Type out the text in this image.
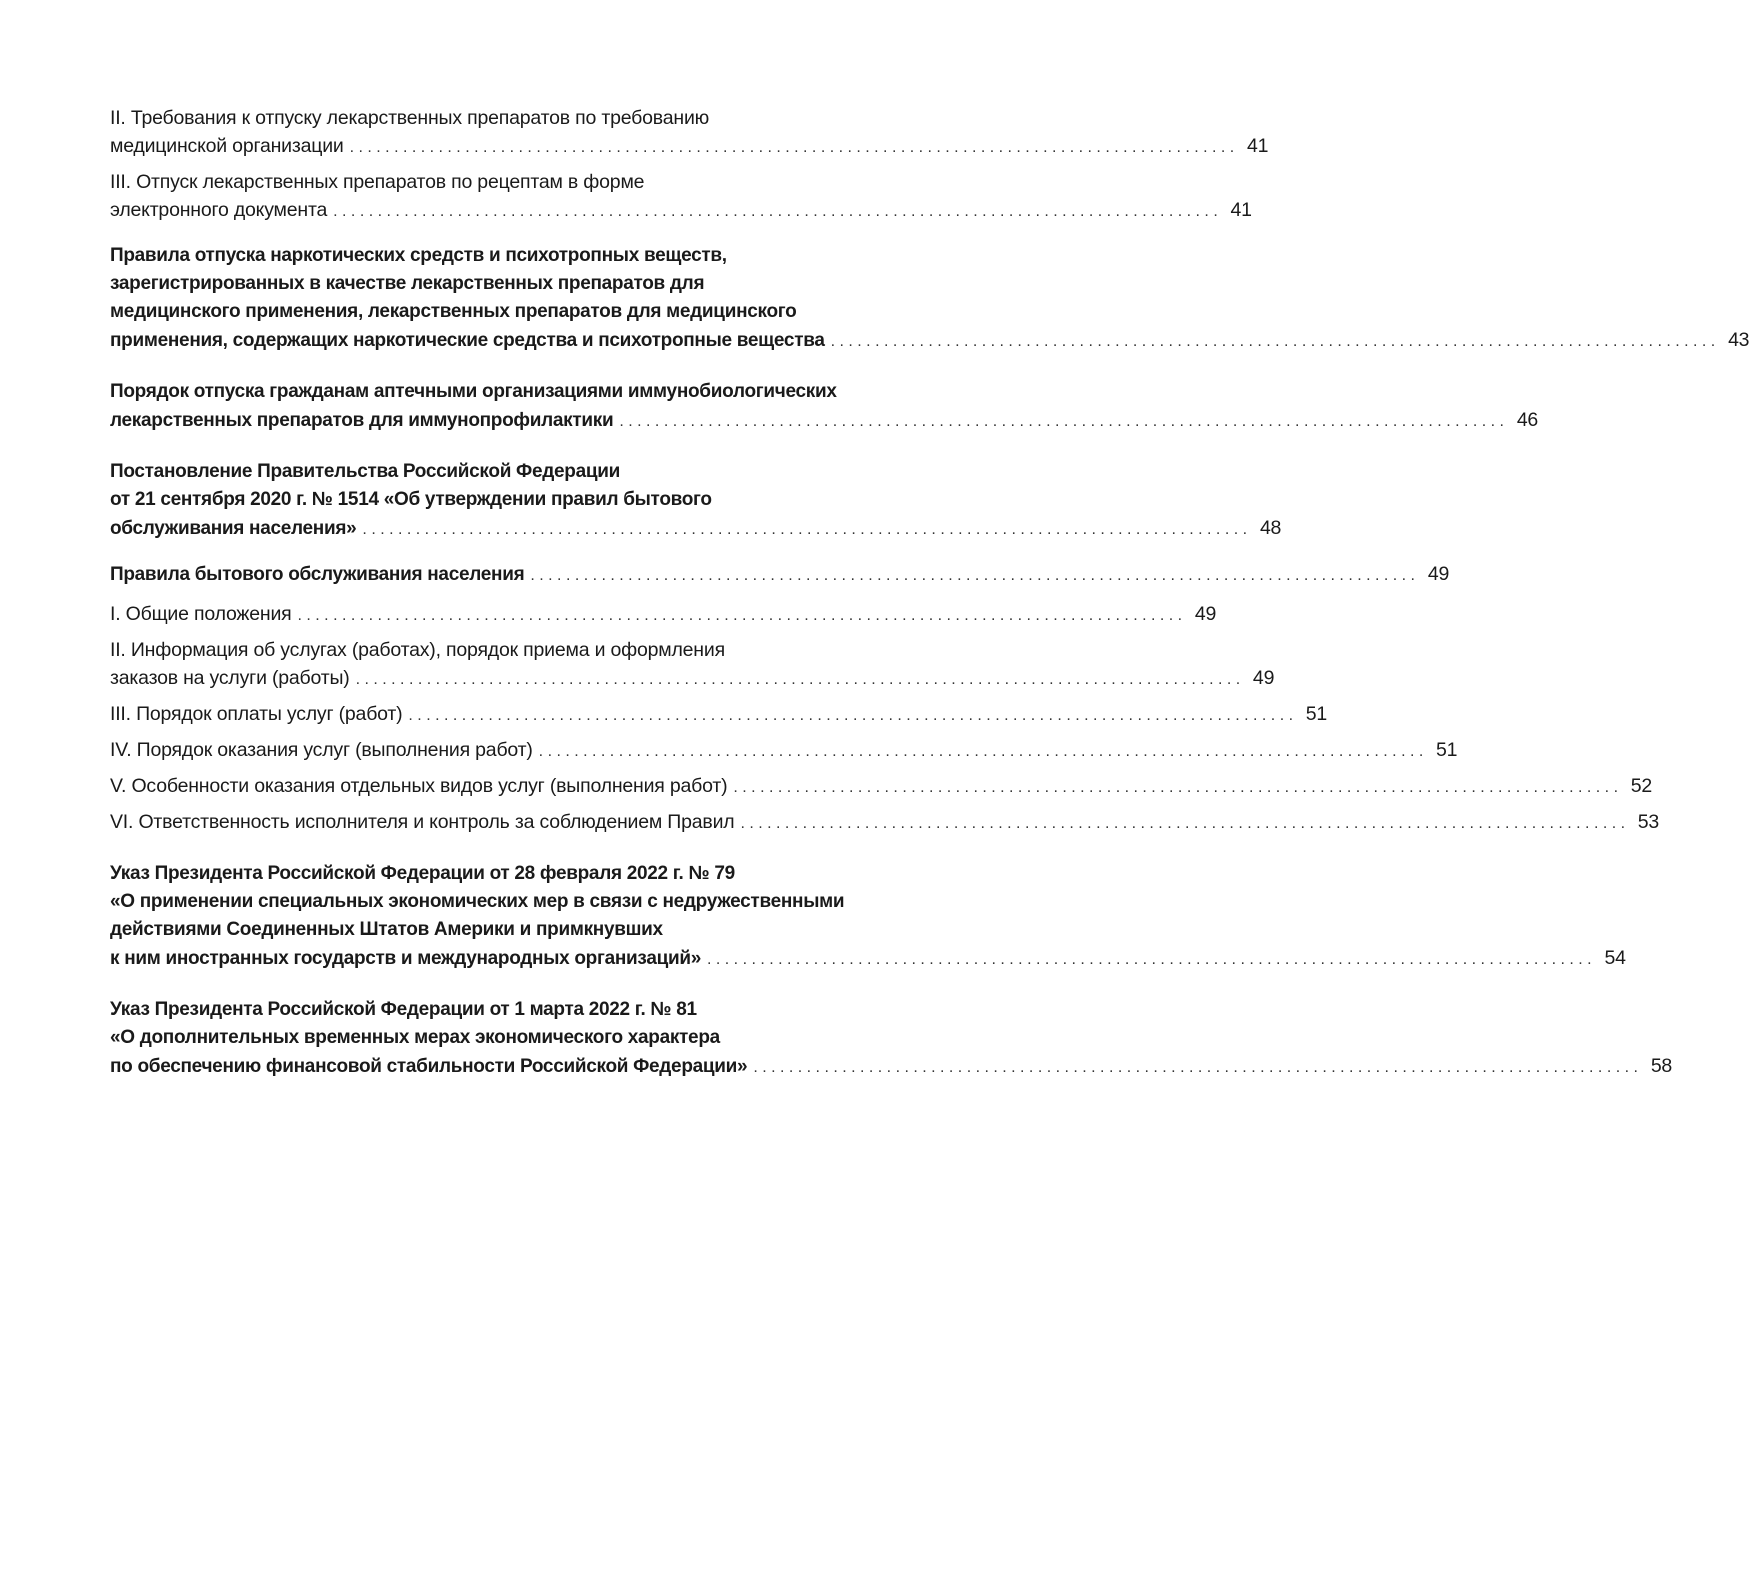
II. Требования к отпуску лекарственных препаратов по требованию
медицинской организации . . .	41
III. Отпуск лекарственных препаратов по рецептам в форме
электронного документа . . .	41
Правила отпуска наркотических средств и психотропных веществ,
зарегистрированных в качестве лекарственных препаратов для
медицинского применения, лекарственных препаратов для медицинского
применения, содержащих наркотические средства и психотропные вещества . . .	43
Порядок отпуска гражданам аптечными организациями иммунобиологических
лекарственных препаратов для иммунопрофилактики . . .	46
Постановление Правительства Российской Федерации
от 21 сентября 2020 г. № 1514 «Об утверждении правил бытового
обслуживания населения» . . .	48
Правила бытового обслуживания населения . . .	49
I. Общие положения . . .	49
II. Информация об услугах (работах), порядок приема и оформления
заказов на услуги (работы) . . .	49
III. Порядок оплаты услуг (работ) . . .	51
IV. Порядок оказания услуг (выполнения работ) . . .	51
V. Особенности оказания отдельных видов услуг (выполнения работ) . . .	52
VI. Ответственность исполнителя и контроль за соблюдением Правил . . .	53
Указ Президента Российской Федерации от 28 февраля 2022 г. № 79
«О применении специальных экономических мер в связи с недружественными
действиями Соединенных Штатов Америки и примкнувших
к ним иностранных государств и международных организаций» . . .	54
Указ Президента Российской Федерации от 1 марта 2022 г. № 81
«О дополнительных временных мерах экономического характера
по обеспечению финансовой стабильности Российской Федерации» . . .	58
